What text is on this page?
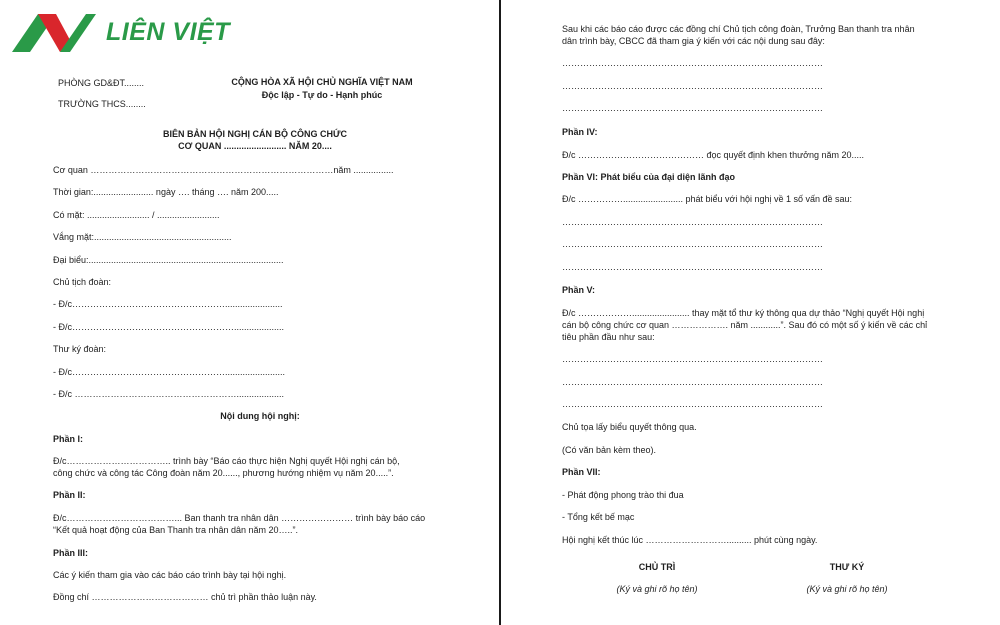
LIÊN VIỆT
PHÒNG GD&ĐT........
TRƯỜNG THCS........
CỘNG HÒA XÃ HỘI CHỦ NGHĨA VIỆT NAM
Độc lập - Tự do - Hạnh phúc
BIÊN BẢN HỘI NGHỊ CÁN BỘ CÔNG CHỨC
CƠ QUAN ......................... NĂM 20....
Cơ quan ………………………………………………………………………năm ................
Thời gian:........................ ngày …. tháng …. năm 200.....
Có mặt: ......................... / .........................
Vắng mặt:.......................................................
Đại biểu:..............................................................................
Chủ tịch đoàn:
- Đ/c…………………………………………….......................
- Đ/c………………………………………………....................
Thư ký đoàn:
- Đ/c……………………………………………........................
- Đ/c ………………………………………………...................
Nội dung hội nghị:
Phần I:
Đ/c…………………………….. trình bày “Báo cáo thực hiện Nghị quyết Hội nghị cán bộ,
công chức và công tác Công đoàn năm 20......, phương hướng nhiệm vụ năm 20.....”.
Phần II:
Đ/c………………………………... Ban thanh tra nhân dân …………………… trình bày báo cáo
“Kết quả hoạt động của Ban Thanh tra nhân dân năm 20…..”.
Phần III:
Các ý kiến tham gia vào các báo cáo trình bày tại hội nghị.
Đồng chí ………………………………… chủ trì phần thảo luận này.
Sau khi các báo cáo được các đồng chí Chủ tịch công đoàn, Trưởng Ban thanh tra nhân
dân trình bày, CBCC đã tham gia ý kiến với các nội dung sau đây:
……………………………………………………………………………
……………………………………………………………………………
……………………………………………………………………………
Phần IV:
Đ/c …………………………………… đọc quyết định khen thưởng năm 20.....
Phần VI: Phát biểu của đại diện lãnh đạo
Đ/c ……………........................ phát biểu với hội nghị về 1 số vấn đề sau:
……………………………………………………………………………
……………………………………………………………………………
……………………………………………………………………………
Phần V:
Đ/c ………………....................... thay mặt tổ thư ký thông qua dự thảo “Nghị quyết Hội nghị
cán bộ công chức cơ quan ………………. năm ............”. Sau đó có một số ý kiến về các chỉ
tiêu phần đầu như sau:
……………………………………………………………………………
……………………………………………………………………………
……………………………………………………………………………
Chủ tọa lấy biểu quyết thông qua.
(Có văn bản kèm theo).
Phần VII:
- Phát động phong trào thi đua
- Tổng kết bế mạc
Hội nghị kết thúc lúc ……………………….......... phút cùng ngày.
CHỦ TRÌ	THƯ KÝ
(Ký và ghi rõ họ tên)	(Ký và ghi rõ họ tên)
